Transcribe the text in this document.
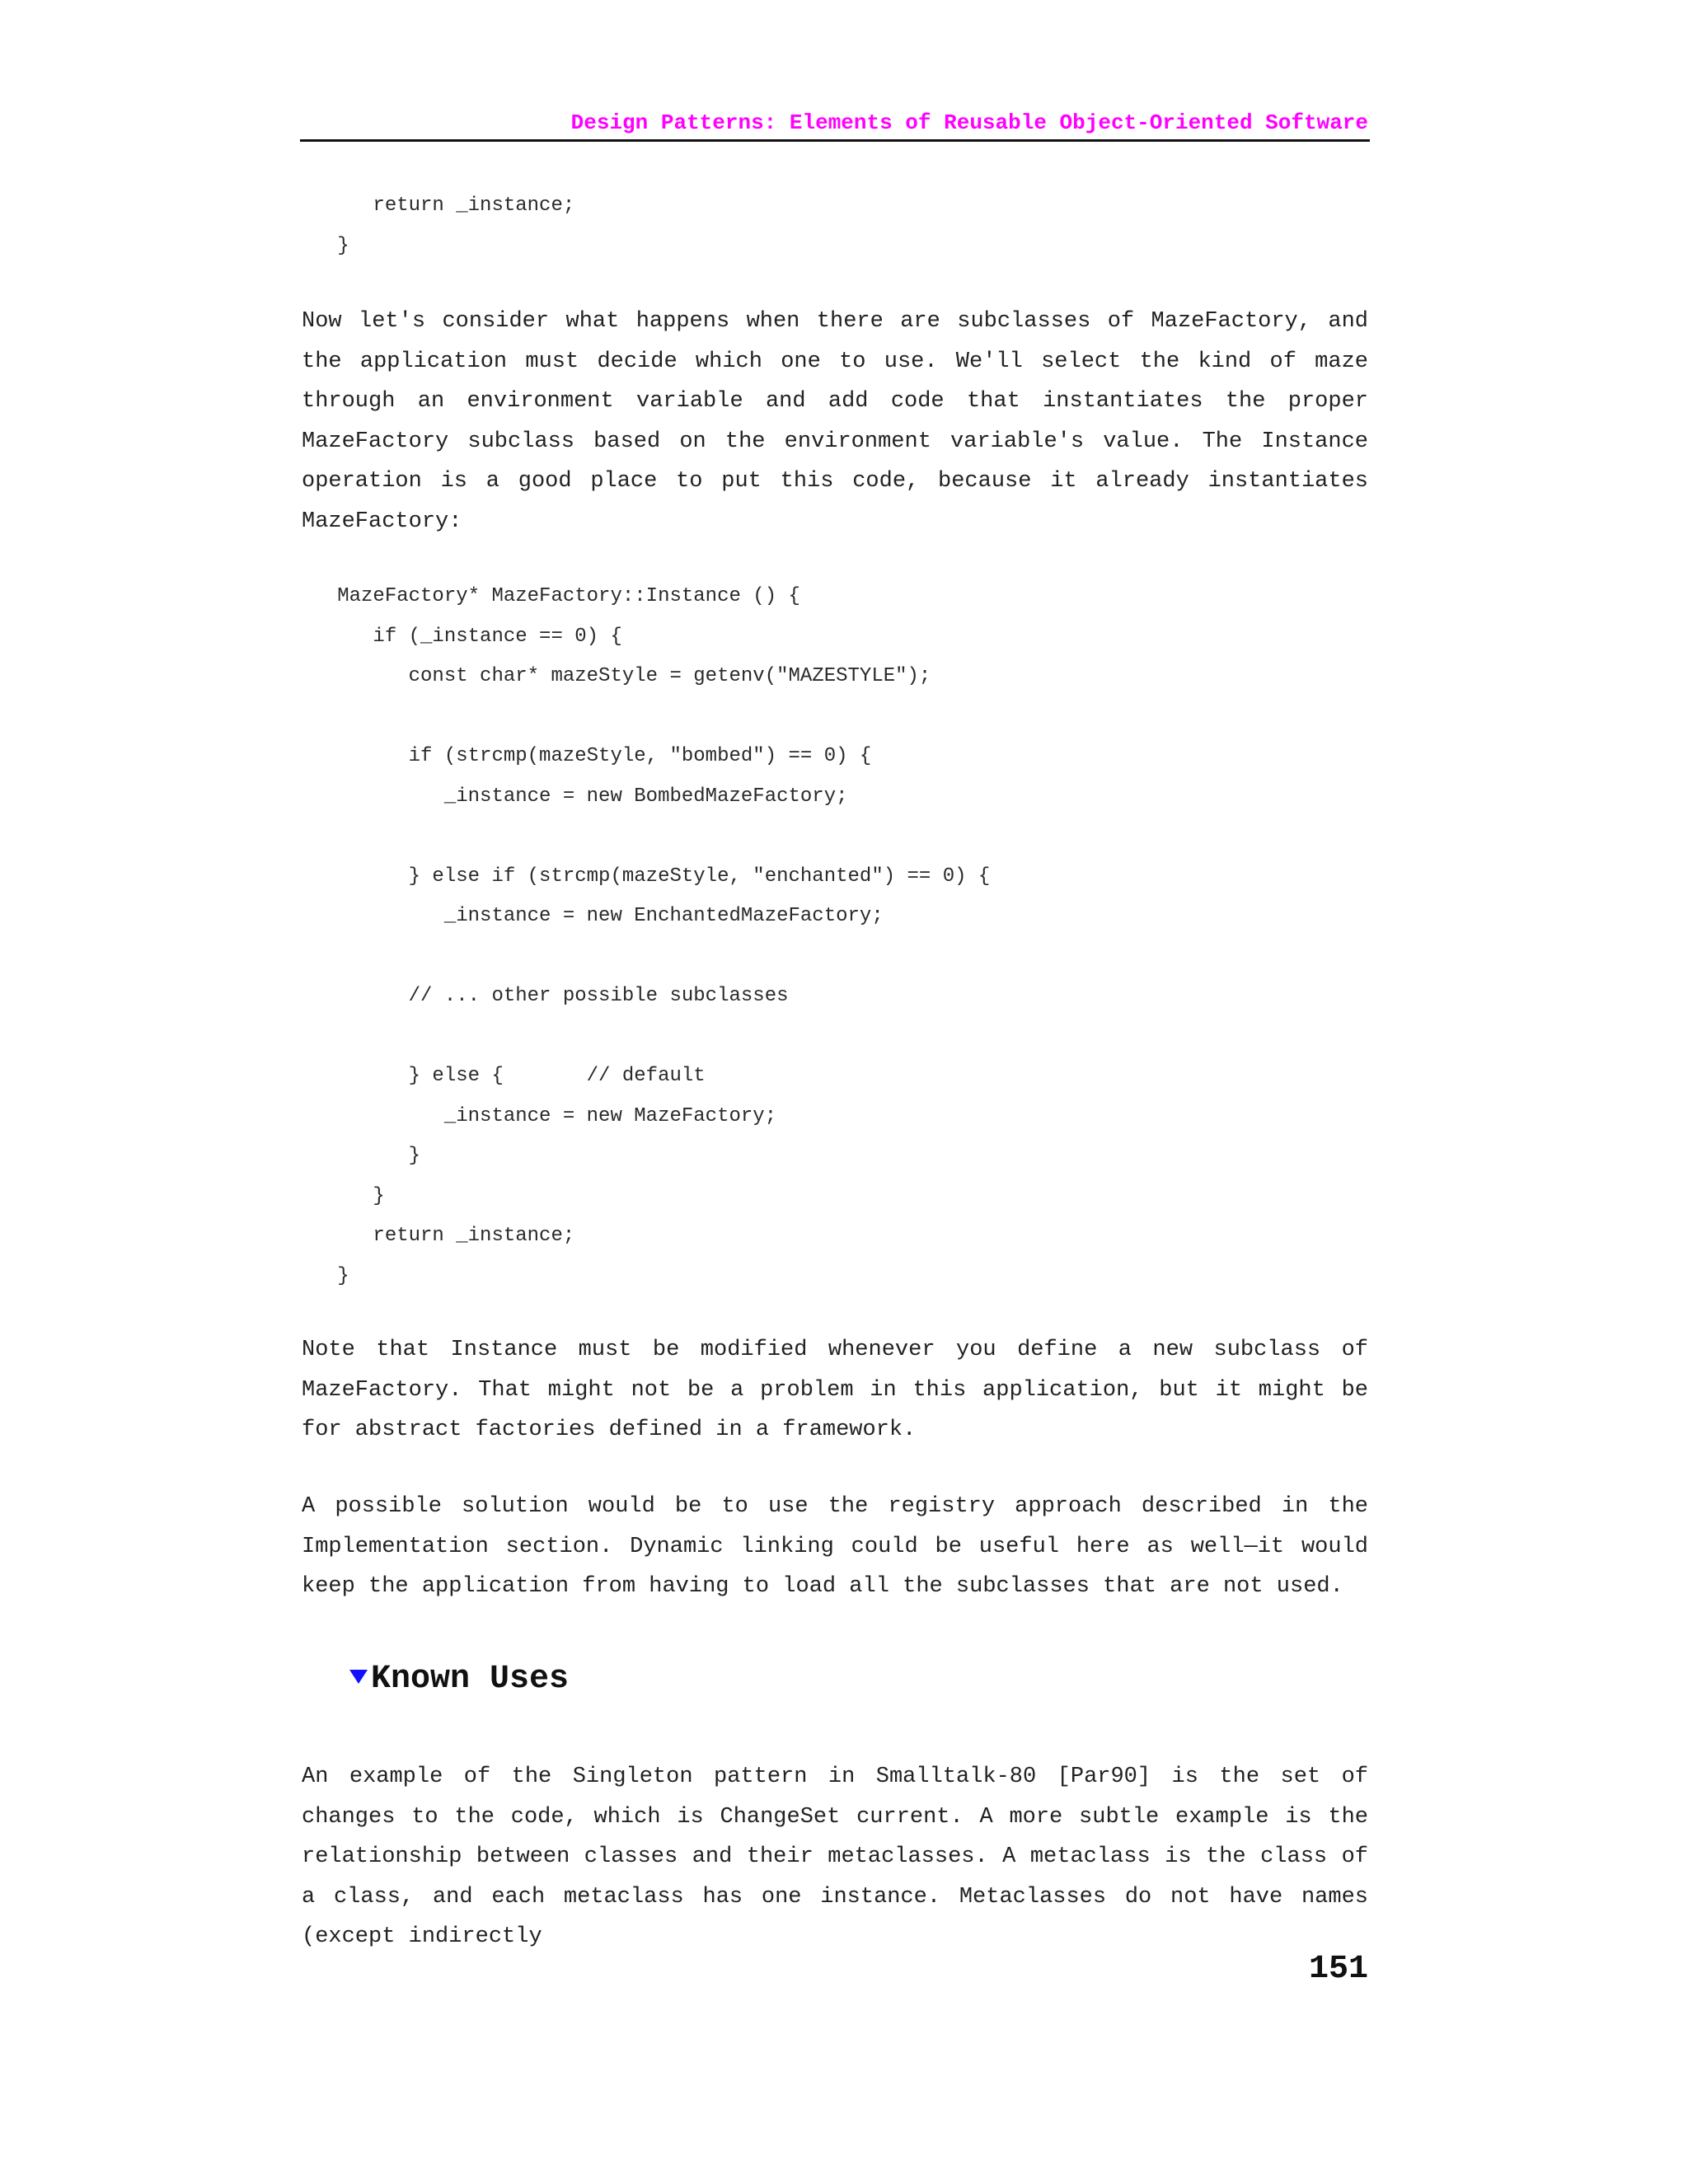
Design Patterns: Elements of Reusable Object-Oriented Software
return _instance;
}

Now let's consider what happens when there are subclasses of MazeFactory, and the application must decide which one to use. We'll select the kind of maze through an environment variable and add code that instantiates the proper MazeFactory subclass based on the environment variable's value. The Instance operation is a good place to put this code, because it already instantiates MazeFactory:

MazeFactory* MazeFactory::Instance () {
if (_instance == 0) {
const char* mazeStyle = getenv("MAZESTYLE");
if (strcmp(mazeStyle, "bombed") == 0) {
_instance = new BombedMazeFactory;
} else if (strcmp(mazeStyle, "enchanted") == 0) {
_instance = new EnchantedMazeFactory;
// ... other possible subclasses
} else {       // default
_instance = new MazeFactory;
}
}
return _instance;
}

Note that Instance must be modified whenever you define a new subclass of MazeFactory. That might not be a problem in this application, but it might be for abstract factories defined in a framework.

A possible solution would be to use the registry approach described in the Implementation section. Dynamic linking could be useful here as well—it would keep the application from having to load all the subclasses that are not used.

Known Uses

An example of the Singleton pattern in Smalltalk-80 [Par90] is the set of changes to the code, which is ChangeSet current. A more subtle example is the relationship between classes and their metaclasses. A metaclass is the class of a class, and each metaclass has one instance. Metaclasses do not have names (except indirectly

151
